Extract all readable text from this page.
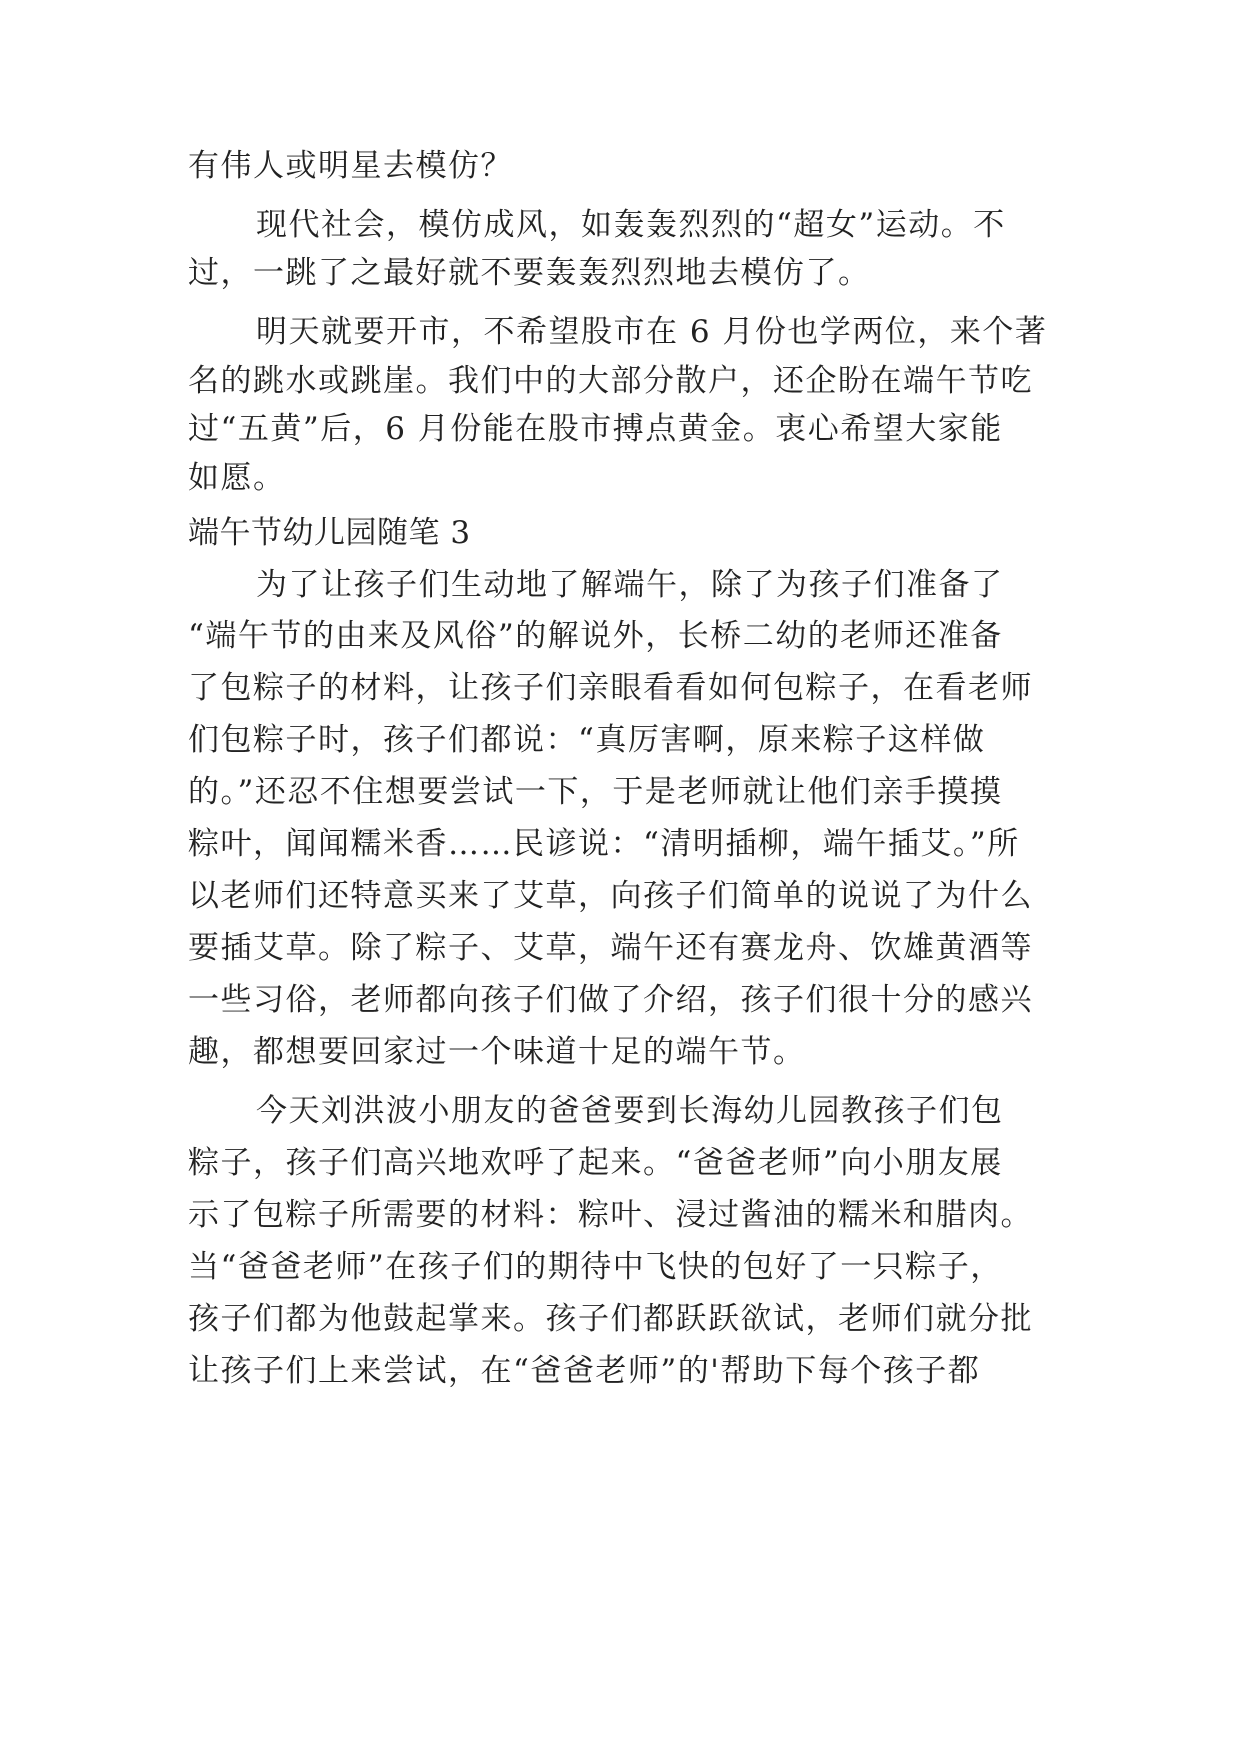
有伟人或明星去模仿？
现代社会，模仿成风，如轰轰烈烈的“超女”运动。不
过，一跳了之最好就不要轰轰烈烈地去模仿了。
明天就要开市，不希望股市在 6 月份也学两位，来个著
名的跳水或跳崖。我们中的大部分散户，还企盼在端午节吃
过“五黄”后，6 月份能在股市搏点黄金。衷心希望大家能
如愿。
端午节幼儿园随笔 3
为了让孩子们生动地了解端午，除了为孩子们准备了
“端午节的由来及风俗”的解说外，长桥二幼的老师还准备
了包粽子的材料，让孩子们亲眼看看如何包粽子，在看老师
们包粽子时，孩子们都说：“真厉害啊，原来粽子这样做
的。”还忍不住想要尝试一下，于是老师就让他们亲手摸摸
粽叶，闻闻糯米香……民谚说：“清明插柳，端午插艾。”所
以老师们还特意买来了艾草，向孩子们简单的说说了为什么
要插艾草。除了粽子、艾草，端午还有赛龙舟、饮雄黄酒等
一些习俗，老师都向孩子们做了介绍，孩子们很十分的感兴
趣，都想要回家过一个味道十足的端午节。
今天刘洪波小朋友的爸爸要到长海幼儿园教孩子们包
粽子，孩子们高兴地欢呼了起来。“爸爸老师”向小朋友展
示了包粽子所需要的材料：粽叶、浸过酱油的糯米和腊肉。
当“爸爸老师”在孩子们的期待中飞快的包好了一只粽子，
孩子们都为他鼓起掌来。孩子们都跃跃欲试，老师们就分批
让孩子们上来尝试，在“爸爸老师”的'帮助下每个孩子都
